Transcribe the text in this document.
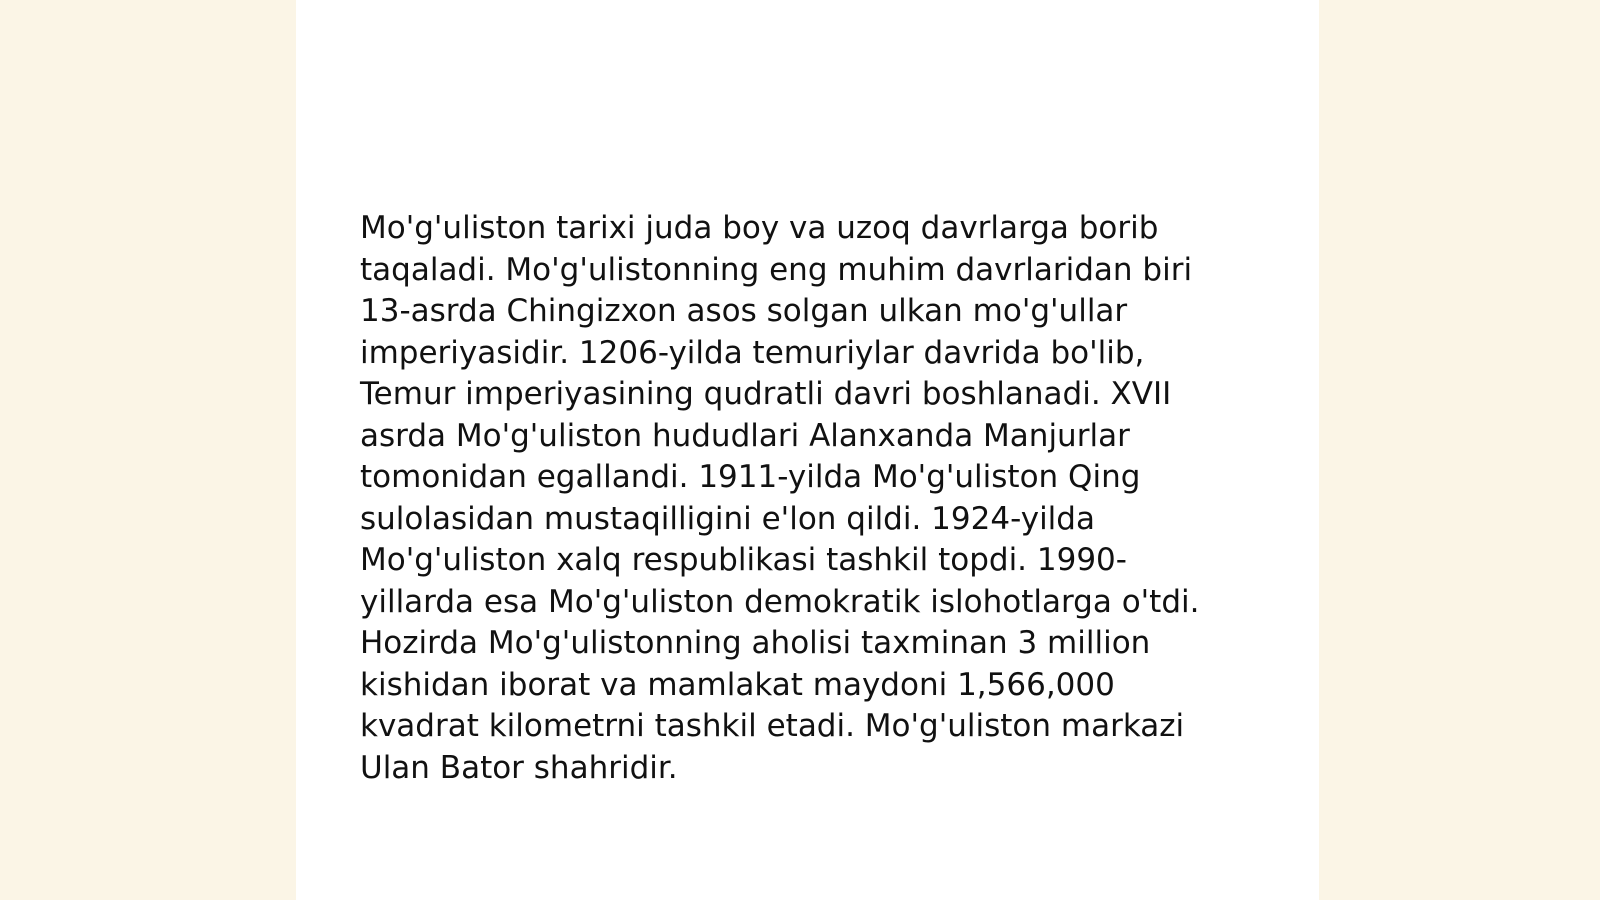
Mo'g'uliston tarixi juda boy va uzoq davrlarga borib
taqaladi. Mo'g'ulistonning eng muhim davrlaridan biri
13-asrda Chingizxon asos solgan ulkan mo'g'ullar
imperiyasidir. 1206-yilda temuriylar davrida bo'lib,
Temur imperiyasining qudratli davri boshlanadi. XVII
asrda Mo'g'uliston hududlari Alanxanda Manjurlar
tomonidan egallandi. 1911-yilda Mo'g'uliston Qing
sulolasidan mustaqilligini e'lon qildi. 1924-yilda
Mo'g'uliston xalq respublikasi tashkil topdi. 1990-
yillarda esa Mo'g'uliston demokratik islohotlarga o'tdi.
Hozirda Mo'g'ulistonning aholisi taxminan 3 million
kishidan iborat va mamlakat maydoni 1,566,000
kvadrat kilometrni tashkil etadi. Mo'g'uliston markazi
Ulan Bator shahridir.
